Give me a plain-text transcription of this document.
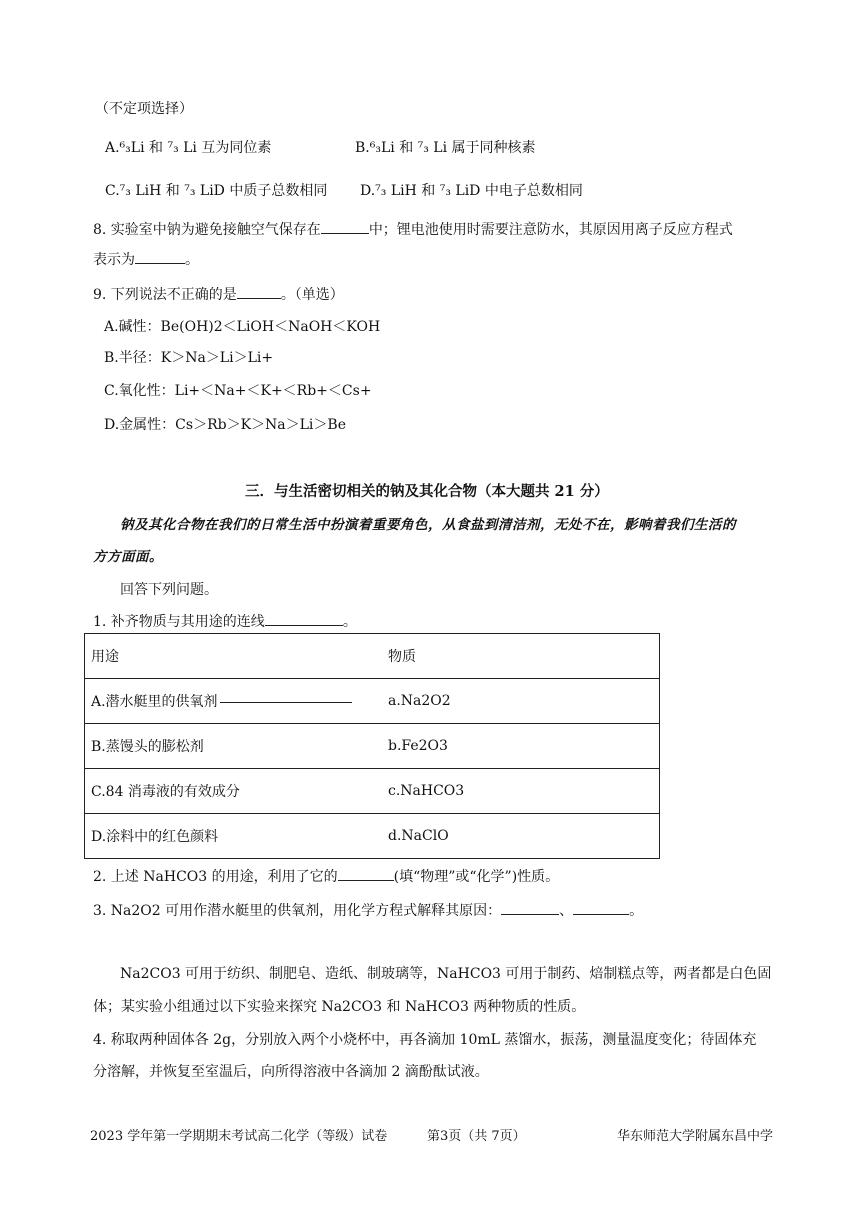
（不定项选择）
A.⁶₃Li 和 ⁷₃ Li 互为同位素	B.⁶₃Li 和 ⁷₃ Li 属于同种核素
C.⁷₃ LiH 和 ⁷₃ LiD 中质子总数相同 D.⁷₃ LiH 和 ⁷₃ LiD 中电子总数相同
8. 实验室中钠为避免接触空气保存在	中；锂电池使用时需要注意防水，其原因用离子反应方程式
表示为	。
9. 下列说法不正确的是	。（单选）
A.碱性：Be(OH)2＜LiOH＜NaOH＜KOH
B.半径：K＞Na＞Li＞Li+
C.氧化性：Li+＜Na+＜K+＜Rb+＜Cs+
D.金属性：Cs＞Rb＞K＞Na＞Li＞Be
三．与生活密切相关的钠及其化合物（本大题共 21 分）
钠及其化合物在我们的日常生活中扮演着重要角色，从食盐到清洁剂，无处不在，影响着我们生活的
方方面面。
回答下列问题。
1. 补齐物质与其用途的连线	。
用途	物质
A.潜水艇里的供氧剂	a.Na2O2
B.蒸馒头的膨松剂	b.Fe2O3
C.84 消毒液的有效成分	c.NaHCO3
D.涂料中的红色颜料	d.NaClO
2. 上述 NaHCO3 的用途，利用了它的	(填“物理”或“化学”)性质。
3. Na2O2 可用作潜水艇里的供氧剂，用化学方程式解释其原因：	、	。
Na2CO3 可用于纺织、制肥皂、造纸、制玻璃等，NaHCO3 可用于制药、焙制糕点等，两者都是白色固
体；某实验小组通过以下实验来探究 Na2CO3 和 NaHCO3 两种物质的性质。
4. 称取两种固体各 2g，分别放入两个小烧杯中，再各滴加 10mL 蒸馏水，振荡，测量温度变化；待固体充
分溶解，并恢复至室温后，向所得溶液中各滴加 2 滴酚酞试液。
2023 学年第一学期期末考试高二化学（等级）试卷	第3页（共 7页）	华东师范大学附属东昌中学
